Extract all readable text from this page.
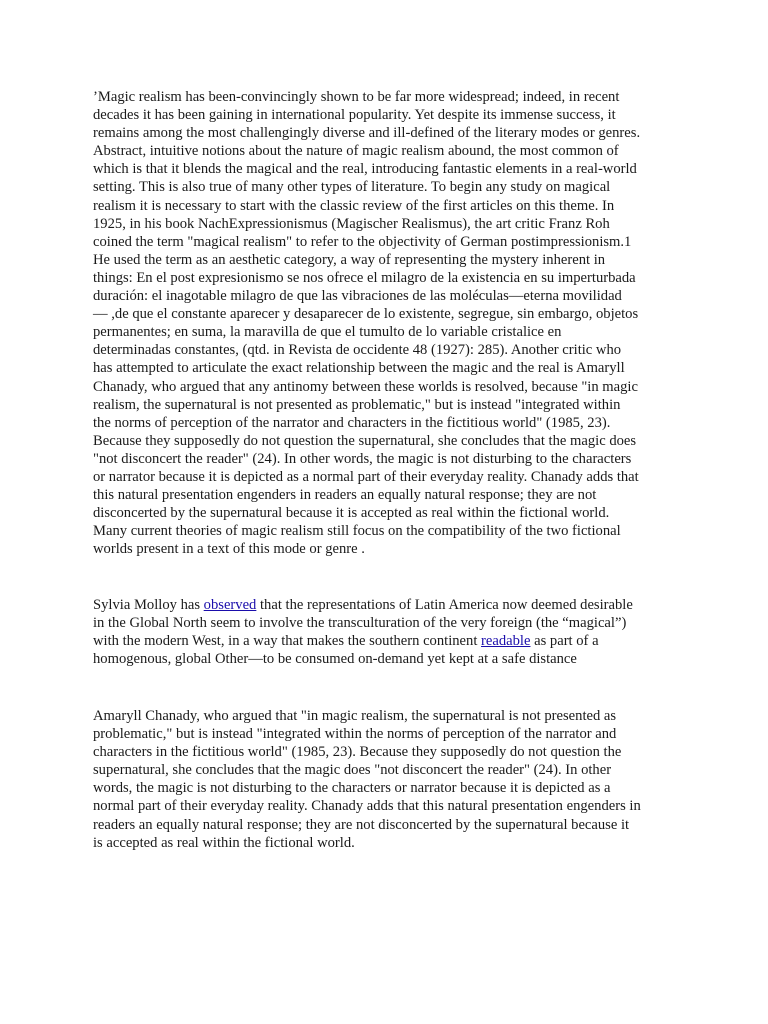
’Magic realism has been-convincingly shown to be far more widespread; indeed, in recent
decades it has been gaining in international popularity. Yet despite its immense success, it
remains among the most challengingly diverse and ill-defined of the literary modes or genres.
Abstract, intuitive notions about the nature of magic realism abound, the most common of
which is that it blends the magical and the real, introducing fantastic elements in a real-world
setting. This is also true of many other types of literature. To begin any study on magical
realism it is necessary to start with the classic review of the first articles on this theme. In
1925, in his book NachExpressionismus (Magischer Realismus), the art critic Franz Roh
coined the term "magical realism" to refer to the objectivity of German postimpressionism.1
He used the term as an aesthetic category, a way of representing the mystery inherent in
things: En el post expresionismo se nos ofrece el milagro de la existencia en su imperturbada
duración: el inagotable milagro de que las vibraciones de las moléculas—eterna movilidad
— ,de que el constante aparecer y desaparecer de lo existente, segregue, sin embargo, objetos
permanentes; en suma, la maravilla de que el tumulto de lo variable cristalice en
determinadas constantes, (qtd. in Revista de occidente 48 (1927): 285). Another critic who
has attempted to articulate the exact relationship between the magic and the real is Amaryll
Chanady, who argued that any antinomy between these worlds is resolved, because "in magic
realism, the supernatural is not presented as problematic," but is instead "integrated within
the norms of perception of the narrator and characters in the fictitious world" (1985, 23).
Because they supposedly do not question the supernatural, she concludes that the magic does
"not disconcert the reader" (24). In other words, the magic is not disturbing to the characters
or narrator because it is depicted as a normal part of their everyday reality. Chanady adds that
this natural presentation engenders in readers an equally natural response; they are not
disconcerted by the supernatural because it is accepted as real within the fictional world.
Many current theories of magic realism still focus on the compatibility of the two fictional
worlds present in a text of this mode or genre .

Sylvia Molloy has observed that the representations of Latin America now deemed desirable
in the Global North seem to involve the transculturation of the very foreign (the “magical”)
with the modern West, in a way that makes the southern continent readable as part of a
homogenous, global Other—to be consumed on-demand yet kept at a safe distance

Amaryll Chanady, who argued that "in magic realism, the supernatural is not presented as
problematic," but is instead "integrated within the norms of perception of the narrator and
characters in the fictitious world" (1985, 23). Because they supposedly do not question the
supernatural, she concludes that the magic does "not disconcert the reader" (24). In other
words, the magic is not disturbing to the characters or narrator because it is depicted as a
normal part of their everyday reality. Chanady adds that this natural presentation engenders in
readers an equally natural response; they are not disconcerted by the supernatural because it
is accepted as real within the fictional world.
